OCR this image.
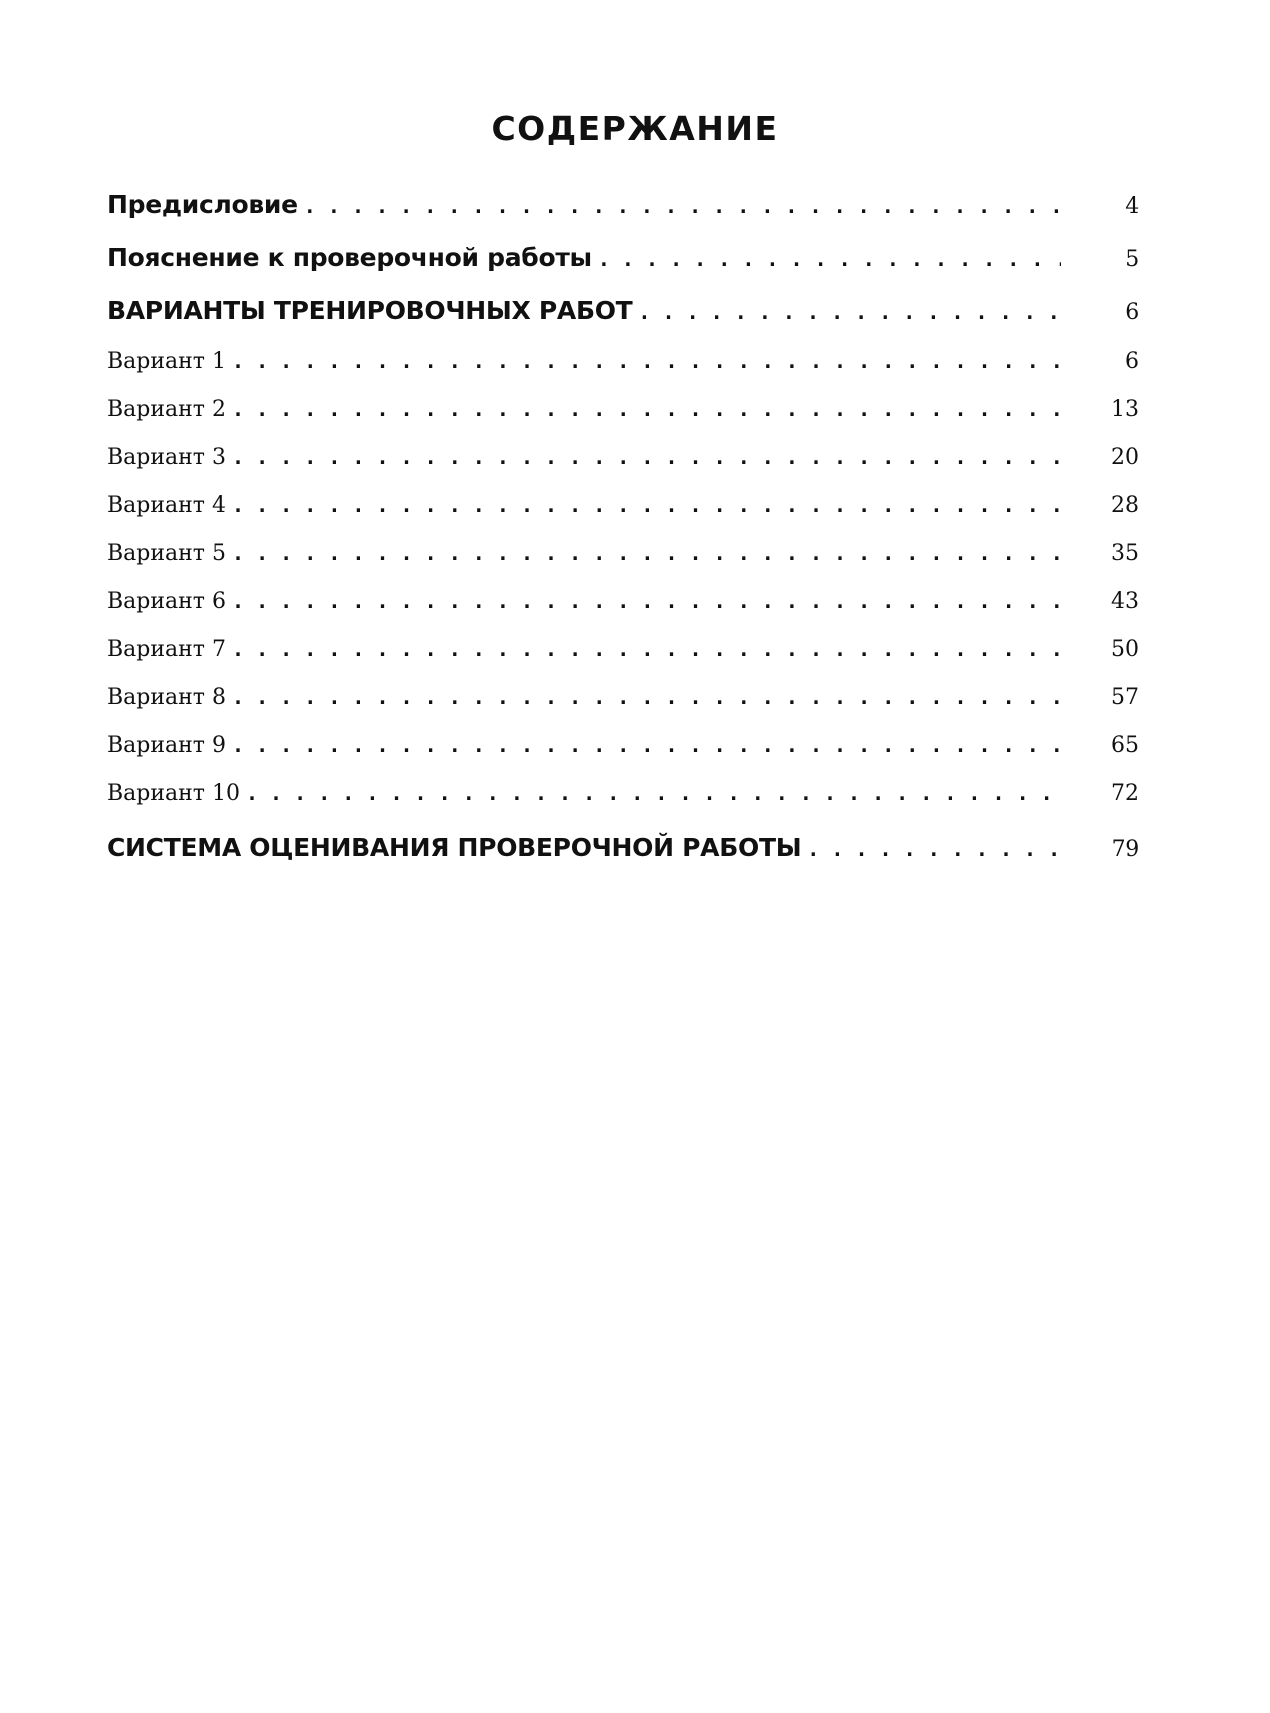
СОДЕРЖАНИЕ
Предисловие . . .	4
Пояснение к проверочной работы . . .	5
ВАРИАНТЫ ТРЕНИРОВОЧНЫХ РАБОТ . . .	6
Вариант 1 . . .	6
Вариант 2 . . .	13
Вариант 3 . . .	20
Вариант 4 . . .	28
Вариант 5 . . .	35
Вариант 6 . . .	43
Вариант 7 . . .	50
Вариант 8 . . .	57
Вариант 9 . . .	65
Вариант 10 . . .	72
СИСТЕМА ОЦЕНИВАНИЯ ПРОВЕРОЧНОЙ РАБОТЫ . . .	79
